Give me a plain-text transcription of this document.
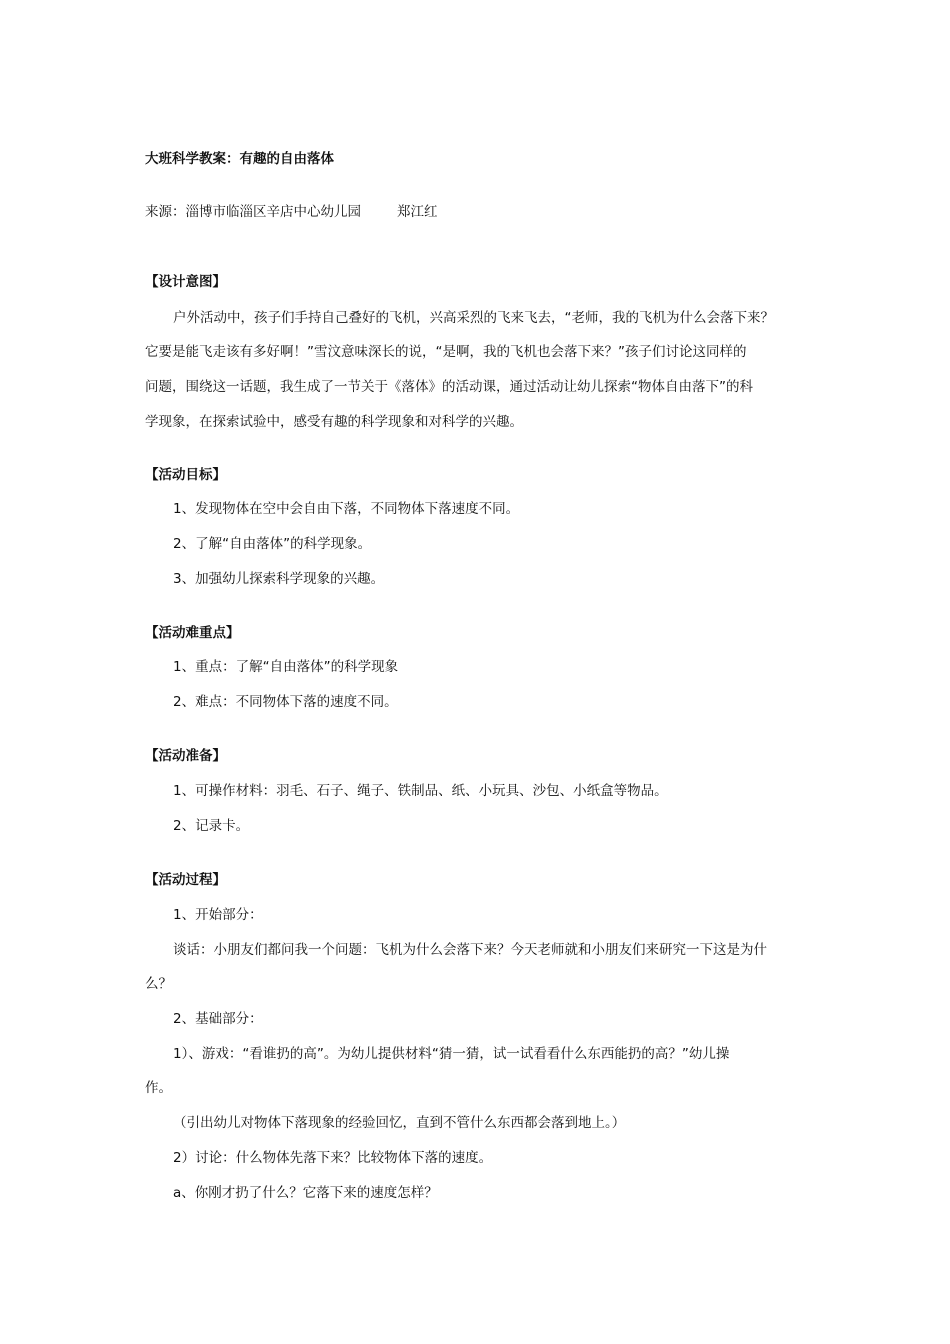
大班科学教案：有趣的自由落体
来源：淄博市临淄区辛店中心幼儿园	郑江红
【设计意图】
户外活动中，孩子们手持自己叠好的飞机，兴高采烈的飞来飞去，“老师，我的飞机为什么会落下来？
它要是能飞走该有多好啊！”雪汶意味深长的说，“是啊，我的飞机也会落下来？”孩子们讨论这同样的
问题，围绕这一话题，我生成了一节关于《落体》的活动课，通过活动让幼儿探索“物体自由落下”的科
学现象，在探索试验中，感受有趣的科学现象和对科学的兴趣。
【活动目标】
1、发现物体在空中会自由下落，不同物体下落速度不同。
2、了解“自由落体”的科学现象。
3、加强幼儿探索科学现象的兴趣。
【活动难重点】
1、重点：了解“自由落体”的科学现象
2、难点：不同物体下落的速度不同。
【活动准备】
1、可操作材料：羽毛、石子、绳子、铁制品、纸、小玩具、沙包、小纸盒等物品。
2、记录卡。
【活动过程】
1、开始部分：
谈话：小朋友们都问我一个问题：飞机为什么会落下来？今天老师就和小朋友们来研究一下这是为什
么？
2、基础部分：
1）、游戏：“看谁扔的高”。为幼儿提供材料“猜一猜，试一试看看什么东西能扔的高？”幼儿操
作。
（引出幼儿对物体下落现象的经验回忆，直到不管什么东西都会落到地上。）
2）讨论：什么物体先落下来？比较物体下落的速度。
a、你刚才扔了什么？它落下来的速度怎样？
